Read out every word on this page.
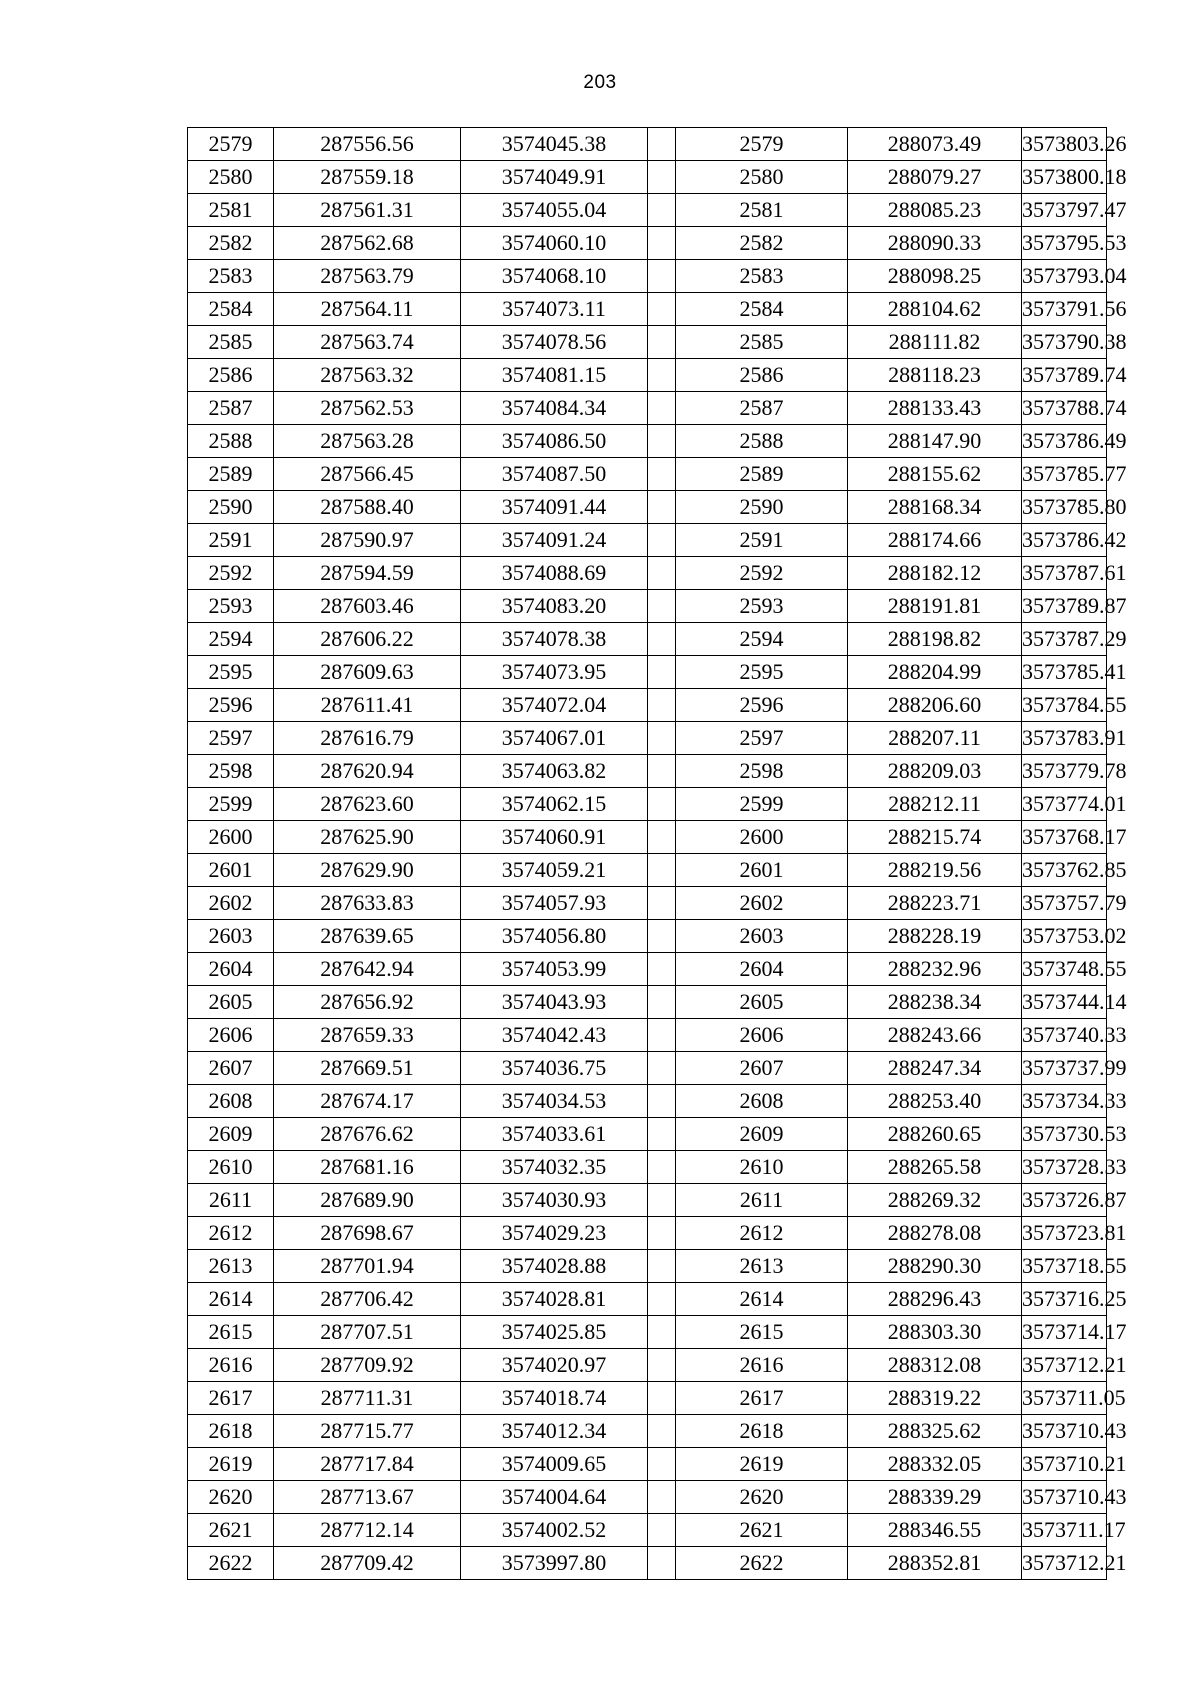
203
2579	287556.56	3574045.38		2579	288073.49	3573803.26
2580	287559.18	3574049.91		2580	288079.27	3573800.18
2581	287561.31	3574055.04		2581	288085.23	3573797.47
2582	287562.68	3574060.10		2582	288090.33	3573795.53
2583	287563.79	3574068.10		2583	288098.25	3573793.04
2584	287564.11	3574073.11		2584	288104.62	3573791.56
2585	287563.74	3574078.56		2585	288111.82	3573790.38
2586	287563.32	3574081.15		2586	288118.23	3573789.74
2587	287562.53	3574084.34		2587	288133.43	3573788.74
2588	287563.28	3574086.50		2588	288147.90	3573786.49
2589	287566.45	3574087.50		2589	288155.62	3573785.77
2590	287588.40	3574091.44		2590	288168.34	3573785.80
2591	287590.97	3574091.24		2591	288174.66	3573786.42
2592	287594.59	3574088.69		2592	288182.12	3573787.61
2593	287603.46	3574083.20		2593	288191.81	3573789.87
2594	287606.22	3574078.38		2594	288198.82	3573787.29
2595	287609.63	3574073.95		2595	288204.99	3573785.41
2596	287611.41	3574072.04		2596	288206.60	3573784.55
2597	287616.79	3574067.01		2597	288207.11	3573783.91
2598	287620.94	3574063.82		2598	288209.03	3573779.78
2599	287623.60	3574062.15		2599	288212.11	3573774.01
2600	287625.90	3574060.91		2600	288215.74	3573768.17
2601	287629.90	3574059.21		2601	288219.56	3573762.85
2602	287633.83	3574057.93		2602	288223.71	3573757.79
2603	287639.65	3574056.80		2603	288228.19	3573753.02
2604	287642.94	3574053.99		2604	288232.96	3573748.55
2605	287656.92	3574043.93		2605	288238.34	3573744.14
2606	287659.33	3574042.43		2606	288243.66	3573740.33
2607	287669.51	3574036.75		2607	288247.34	3573737.99
2608	287674.17	3574034.53		2608	288253.40	3573734.33
2609	287676.62	3574033.61		2609	288260.65	3573730.53
2610	287681.16	3574032.35		2610	288265.58	3573728.33
2611	287689.90	3574030.93		2611	288269.32	3573726.87
2612	287698.67	3574029.23		2612	288278.08	3573723.81
2613	287701.94	3574028.88		2613	288290.30	3573718.55
2614	287706.42	3574028.81		2614	288296.43	3573716.25
2615	287707.51	3574025.85		2615	288303.30	3573714.17
2616	287709.92	3574020.97		2616	288312.08	3573712.21
2617	287711.31	3574018.74		2617	288319.22	3573711.05
2618	287715.77	3574012.34		2618	288325.62	3573710.43
2619	287717.84	3574009.65		2619	288332.05	3573710.21
2620	287713.67	3574004.64		2620	288339.29	3573710.43
2621	287712.14	3574002.52		2621	288346.55	3573711.17
2622	287709.42	3573997.80		2622	288352.81	3573712.21
